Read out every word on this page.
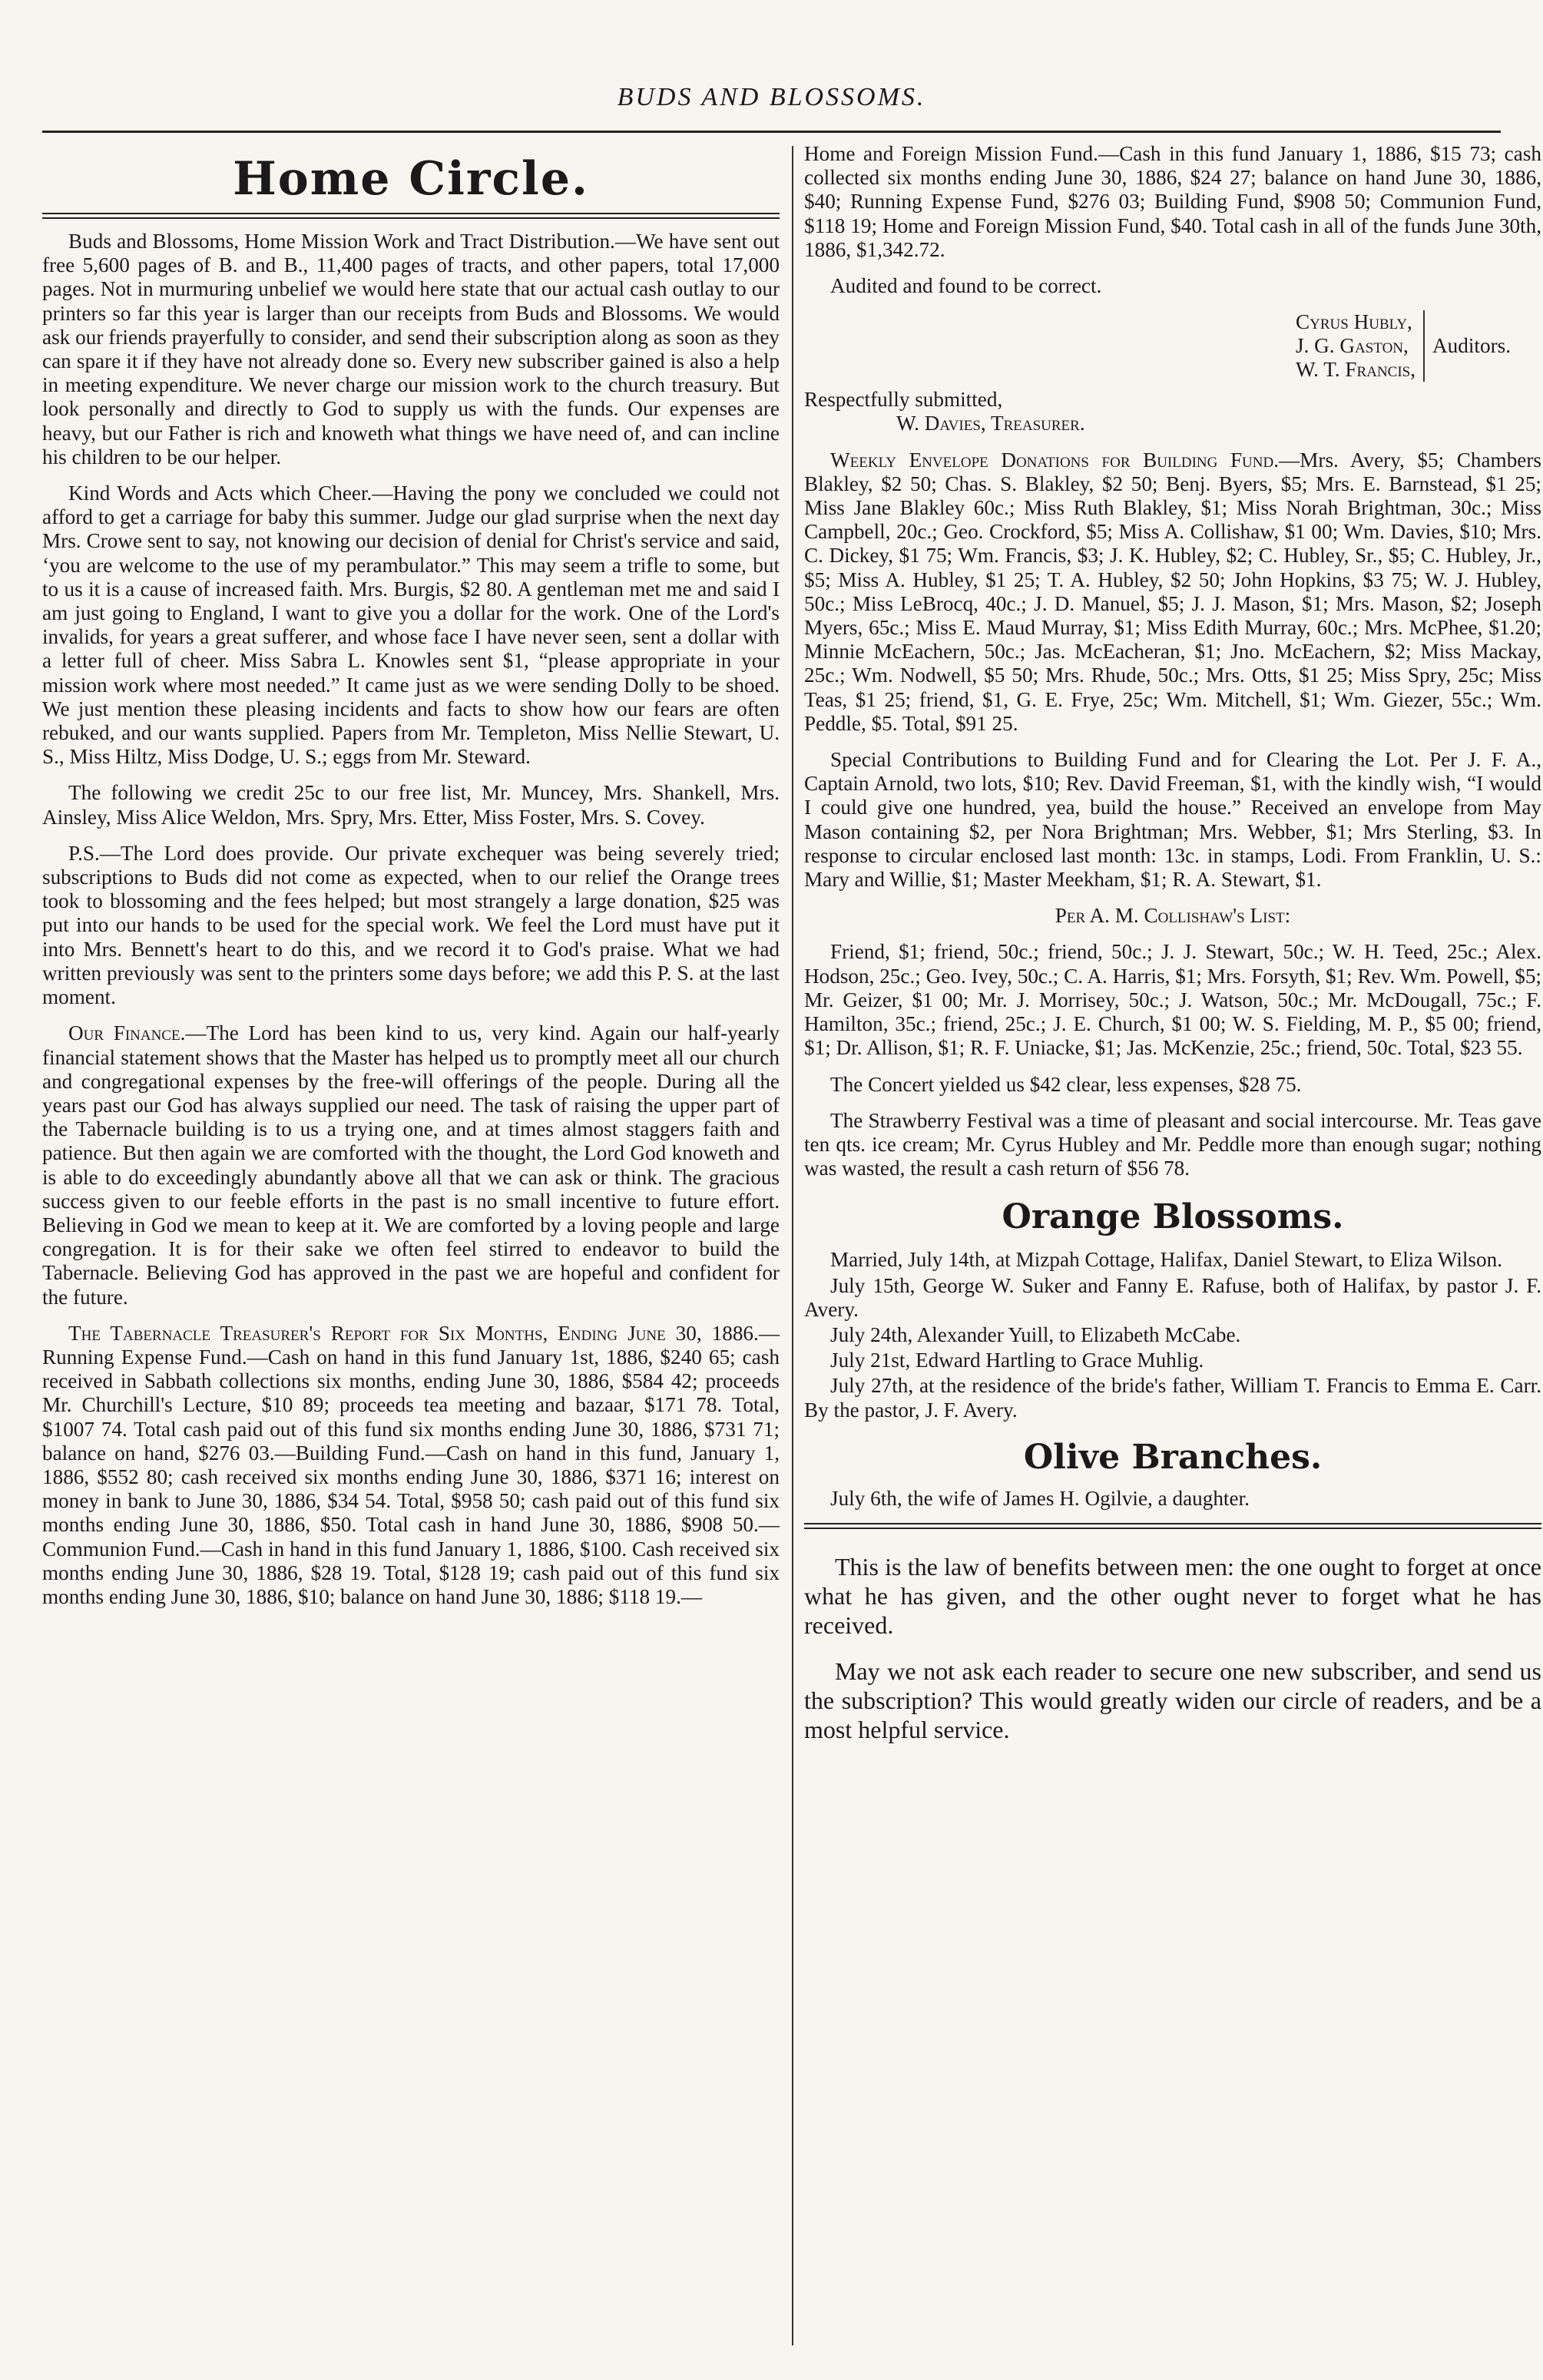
BUDS AND BLOSSOMS.
Home Circle.

Buds and Blossoms, Home Mission Work and Tract Distribution.—We have sent out free 5,600 pages of B. and B., 11,400 pages of tracts, and other papers, total 17,000 pages. Not in murmuring unbelief we would here state that our actual cash outlay to our printers so far this year is larger than our receipts from Buds and Blossoms. We would ask our friends prayerfully to consider, and send their subscription along as soon as they can spare it if they have not already done so. Every new subscriber gained is also a help in meeting expenditure. We never charge our mission work to the church treasury. But look personally and directly to God to supply us with the funds. Our expenses are heavy, but our Father is rich and knoweth what things we have need of, and can incline his children to be our helper.

Kind Words and Acts which Cheer.—Having the pony we concluded we could not afford to get a carriage for baby this summer. Judge our glad surprise when the next day Mrs. Crowe sent to say, not knowing our decision of denial for Christ's service and said, ‘you are welcome to the use of my perambulator.” This may seem a trifle to some, but to us it is a cause of increased faith. Mrs. Burgis, $2 80. A gentleman met me and said I am just going to England, I want to give you a dollar for the work. One of the Lord's invalids, for years a great sufferer, and whose face I have never seen, sent a dollar with a letter full of cheer. Miss Sabra L. Knowles sent $1, “please appropriate in your mission work where most needed.” It came just as we were sending Dolly to be shoed. We just mention these pleasing incidents and facts to show how our fears are often rebuked, and our wants supplied. Papers from Mr. Templeton, Miss Nellie Stewart, U. S., Miss Hiltz, Miss Dodge, U. S.; eggs from Mr. Steward.

The following we credit 25c to our free list, Mr. Muncey, Mrs. Shankell, Mrs. Ainsley, Miss Alice Weldon, Mrs. Spry, Mrs. Etter, Miss Foster, Mrs. S. Covey.

P.S.—The Lord does provide. Our private exchequer was being severely tried; subscriptions to Buds did not come as expected, when to our relief the Orange trees took to blossoming and the fees helped; but most strangely a large donation, $25 was put into our hands to be used for the special work. We feel the Lord must have put it into Mrs. Bennett's heart to do this, and we record it to God's praise. What we had written previously was sent to the printers some days before; we add this P. S. at the last moment.

Our Finance.—The Lord has been kind to us, very kind. Again our half-yearly financial statement shows that the Master has helped us to promptly meet all our church and congregational expenses by the free-will offerings of the people. During all the years past our God has always supplied our need. The task of raising the upper part of the Tabernacle building is to us a trying one, and at times almost staggers faith and patience. But then again we are comforted with the thought, the Lord God knoweth and is able to do exceedingly abundantly above all that we can ask or think. The gracious success given to our feeble efforts in the past is no small incentive to future effort. Believing in God we mean to keep at it. We are comforted by a loving people and large congregation. It is for their sake we often feel stirred to endeavor to build the Tabernacle. Believing God has approved in the past we are hopeful and confident for the future.

The Tabernacle Treasurer's Report for Six Months, Ending June 30, 1886.—Running Expense Fund.—Cash on hand in this fund January 1st, 1886, $240 65; cash received in Sabbath collections six months, ending June 30, 1886, $584 42; proceeds Mr. Churchill's Lecture, $10 89; proceeds tea meeting and bazaar, $171 78. Total, $1007 74. Total cash paid out of this fund six months ending June 30, 1886, $731 71; balance on hand, $276 03.—Building Fund.—Cash on hand in this fund, January 1, 1886, $552 80; cash received six months ending June 30, 1886, $371 16; interest on money in bank to June 30, 1886, $34 54. Total, $958 50; cash paid out of this fund six months ending June 30, 1886, $50. Total cash in hand June 30, 1886, $908 50.—Communion Fund.—Cash in hand in this fund January 1, 1886, $100. Cash received six months ending June 30, 1886, $28 19. Total, $128 19; cash paid out of this fund six months ending June 30, 1886, $10; balance on hand June 30, 1886; $118 19.—

Home and Foreign Mission Fund.—Cash in this fund January 1, 1886, $15 73; cash collected six months ending June 30, 1886, $24 27; balance on hand June 30, 1886, $40; Running Expense Fund, $276 03; Building Fund, $908 50; Communion Fund, $118 19; Home and Foreign Mission Fund, $40. Total cash in all of the funds June 30th, 1886, $1,342.72.

Audited and found to be correct.

Cyrus Hubly,
J. G. Gaston,
W. T. Francis,
Auditors.

Respectfully submitted,

W. Davies, Treasurer.

Weekly Envelope Donations for Building Fund.—Mrs. Avery, $5; Chambers Blakley, $2 50; Chas. S. Blakley, $2 50; Benj. Byers, $5; Mrs. E. Barnstead, $1 25; Miss Jane Blakley 60c.; Miss Ruth Blakley, $1; Miss Norah Brightman, 30c.; Miss Campbell, 20c.; Geo. Crockford, $5; Miss A. Collishaw, $1 00; Wm. Davies, $10; Mrs. C. Dickey, $1 75; Wm. Francis, $3; J. K. Hubley, $2; C. Hubley, Sr., $5; C. Hubley, Jr., $5; Miss A. Hubley, $1 25; T. A. Hubley, $2 50; John Hopkins, $3 75; W. J. Hubley, 50c.; Miss LeBrocq, 40c.; J. D. Manuel, $5; J. J. Mason, $1; Mrs. Mason, $2; Joseph Myers, 65c.; Miss E. Maud Murray, $1; Miss Edith Murray, 60c.; Mrs. McPhee, $1.20; Minnie McEachern, 50c.; Jas. McEacheran, $1; Jno. McEachern, $2; Miss Mackay, 25c.; Wm. Nodwell, $5 50; Mrs. Rhude, 50c.; Mrs. Otts, $1 25; Miss Spry, 25c; Miss Teas, $1 25; friend, $1, G. E. Frye, 25c; Wm. Mitchell, $1; Wm. Giezer, 55c.; Wm. Peddle, $5. Total, $91 25.

Special Contributions to Building Fund and for Clearing the Lot. Per J. F. A., Captain Arnold, two lots, $10; Rev. David Freeman, $1, with the kindly wish, “I would I could give one hundred, yea, build the house.” Received an envelope from May Mason containing $2, per Nora Brightman; Mrs. Webber, $1; Mrs Sterling, $3. In response to circular enclosed last month: 13c. in stamps, Lodi. From Franklin, U. S.: Mary and Willie, $1; Master Meekham, $1; R. A. Stewart, $1.

Per A. M. Collishaw's List:

Friend, $1; friend, 50c.; friend, 50c.; J. J. Stewart, 50c.; W. H. Teed, 25c.; Alex. Hodson, 25c.; Geo. Ivey, 50c.; C. A. Harris, $1; Mrs. Forsyth, $1; Rev. Wm. Powell, $5; Mr. Geizer, $1 00; Mr. J. Morrisey, 50c.; J. Watson, 50c.; Mr. McDougall, 75c.; F. Hamilton, 35c.; friend, 25c.; J. E. Church, $1 00; W. S. Fielding, M. P., $5 00; friend, $1; Dr. Allison, $1; R. F. Uniacke, $1; Jas. McKenzie, 25c.; friend, 50c. Total, $23 55.

The Concert yielded us $42 clear, less expenses, $28 75.

The Strawberry Festival was a time of pleasant and social intercourse. Mr. Teas gave ten qts. ice cream; Mr. Cyrus Hubley and Mr. Peddle more than enough sugar; nothing was wasted, the result a cash return of $56 78.

Orange Blossoms.

Married, July 14th, at Mizpah Cottage, Halifax, Daniel Stewart, to Eliza Wilson.

July 15th, George W. Suker and Fanny E. Rafuse, both of Halifax, by pastor J. F. Avery.

July 24th, Alexander Yuill, to Elizabeth McCabe.

July 21st, Edward Hartling to Grace Muhlig.

July 27th, at the residence of the bride's father, William T. Francis to Emma E. Carr. By the pastor, J. F. Avery.

Olive Branches.

July 6th, the wife of James H. Ogilvie, a daughter.

This is the law of benefits between men: the one ought to forget at once what he has given, and the other ought never to forget what he has received.

May we not ask each reader to secure one new subscriber, and send us the subscription? This would greatly widen our circle of readers, and be a most helpful service.
